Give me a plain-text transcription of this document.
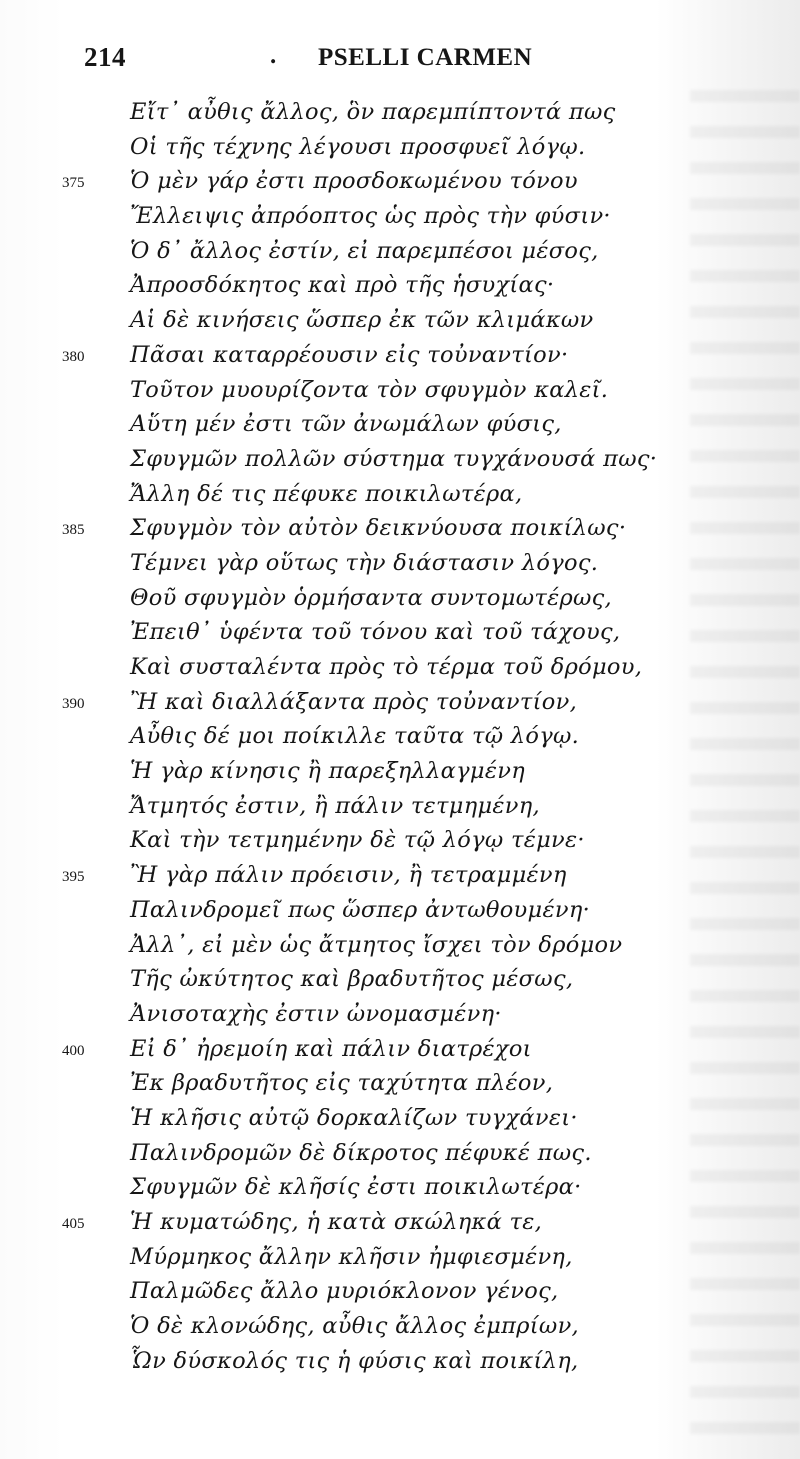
214	. PSELLI CARMEN
Εἴτ᾽ αὖθις ἄλλος, ὃν παρεμπίπτοντά πως
Οἱ τῆς τέχνης λέγουσι προσφυεῖ λόγῳ.
375	Ὁ μὲν γάρ ἐστι προσδοκωμένου τόνου
Ἔλλειψις ἀπρόοπτος ὡς πρὸς τὴν φύσιν·
Ὁ δ᾽ ἄλλος ἐστίν, εἰ παρεμπέσοι μέσος,
Ἀπροσδόκητος καὶ πρὸ τῆς ἡσυχίας·
Αἱ δὲ κινήσεις ὥσπερ ἐκ τῶν κλιμάκων
380	Πᾶσαι καταρρέουσιν εἰς τοὐναντίον·
Τοῦτον μυουρίζοντα τὸν σφυγμὸν καλεῖ.
Αὕτη μέν ἐστι τῶν ἀνωμάλων φύσις,
Σφυγμῶν πολλῶν σύστημα τυγχάνουσά πως·
Ἄλλη δέ τις πέφυκε ποικιλωτέρα,
385	Σφυγμὸν τὸν αὐτὸν δεικνύουσα ποικίλως·
Τέμνει γὰρ οὕτως τὴν διάστασιν λόγος.
Θοῦ σφυγμὸν ὁρμήσαντα συντομωτέρως,
Ἐπειθ᾽ ὑφέντα τοῦ τόνου καὶ τοῦ τάχους,
Καὶ συσταλέντα πρὸς τὸ τέρμα τοῦ δρόμου,
390	Ἢ καὶ διαλλάξαντα πρὸς τοὐναντίον,
Αὖθις δέ μοι ποίκιλλε ταῦτα τῷ λόγῳ.
Ἡ γὰρ κίνησις ἢ παρεξηλλαγμένη
Ἄτμητός ἐστιν, ἢ πάλιν τετμημένη,
Καὶ τὴν τετμημένην δὲ τῷ λόγῳ τέμνε·
395	Ἢ γὰρ πάλιν πρόεισιν, ἢ τετραμμένη
Παλινδρομεῖ πως ὥσπερ ἀντωθουμένη·
Ἀλλ᾽, εἰ μὲν ὡς ἄτμητος ἴσχει τὸν δρόμον
Τῆς ὠκύτητος καὶ βραδυτῆτος μέσως,
Ἀνισοταχὴς ἐστιν ὠνομασμένη·
400	Εἰ δ᾽ ἠρεμοίη καὶ πάλιν διατρέχοι
Ἐκ βραδυτῆτος εἰς ταχύτητα πλέον,
Ἡ κλῆσις αὐτῷ δορκαλίζων τυγχάνει·
Παλινδρομῶν δὲ δίκροτος πέφυκέ πως.
Σφυγμῶν δὲ κλῆσίς ἐστι ποικιλωτέρα·
405	Ἡ κυματώδης, ἡ κατὰ σκώληκά τε,
Μύρμηκος ἄλλην κλῆσιν ἠμφιεσμένη,
Παλμῶδες ἄλλο μυριόκλονον γένος,
Ὁ δὲ κλονώδης, αὖθις ἄλλος ἐμπρίων,
Ὧν δύσκολός τις ἡ φύσις καὶ ποικίλη,
